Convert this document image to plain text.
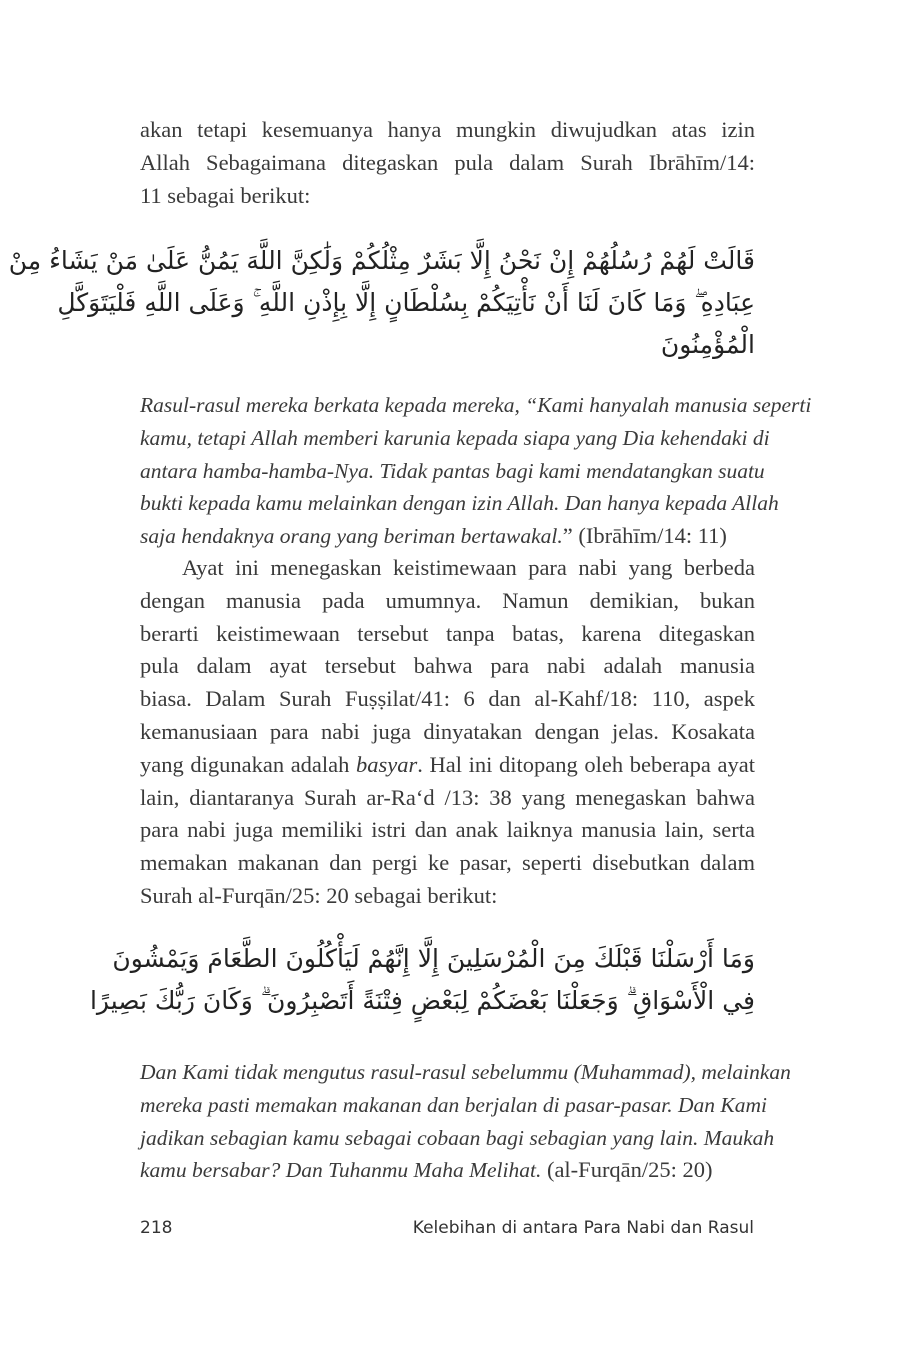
akan tetapi kesemuanya hanya mungkin diwujudkan atas izin
Allah Sebagaimana ditegaskan pula dalam Surah Ibrāhīm/14:
11 sebagai berikut:
قَالَتْ لَهُمْ رُسُلُهُمْ إِنْ نَحْنُ إِلَّا بَشَرٌ مِثْلُكُمْ وَلَٰكِنَّ اللَّهَ يَمُنُّ عَلَىٰ مَنْ يَشَاءُ مِنْ
عِبَادِهِ ۖ وَمَا كَانَ لَنَا أَنْ نَأْتِيَكُمْ بِسُلْطَانٍ إِلَّا بِإِذْنِ اللَّهِ ۚ وَعَلَى اللَّهِ فَلْيَتَوَكَّلِ
الْمُؤْمِنُونَ
Rasul-rasul mereka berkata kepada mereka, “Kami hanyalah manusia seperti
kamu, tetapi Allah memberi karunia kepada siapa yang Dia kehendaki di
antara hamba-hamba-Nya. Tidak pantas bagi kami mendatangkan suatu
bukti kepada kamu melainkan dengan izin Allah. Dan hanya kepada Allah
saja hendaknya orang yang beriman bertawakal.” (Ibrāhīm/14: 11)
Ayat ini menegaskan keistimewaan para nabi yang berbeda
dengan manusia pada umumnya. Namun demikian, bukan
berarti keistimewaan tersebut tanpa batas, karena ditegaskan
pula dalam ayat tersebut bahwa para nabi adalah manusia
biasa. Dalam Surah Fuṣṣilat/41: 6 dan al-Kahf/18: 110, aspek
kemanusiaan para nabi juga dinyatakan dengan jelas. Kosakata
yang digunakan adalah basyar. Hal ini ditopang oleh beberapa ayat
lain, diantaranya Surah ar-Ra‘d /13: 38 yang menegaskan bahwa
para nabi juga memiliki istri dan anak laiknya manusia lain, serta
memakan makanan dan pergi ke pasar, seperti disebutkan dalam
Surah al-Furqān/25: 20 sebagai berikut:
وَمَا أَرْسَلْنَا قَبْلَكَ مِنَ الْمُرْسَلِينَ إِلَّا إِنَّهُمْ لَيَأْكُلُونَ الطَّعَامَ وَيَمْشُونَ
فِي الْأَسْوَاقِ ۗ وَجَعَلْنَا بَعْضَكُمْ لِبَعْضٍ فِتْنَةً أَتَصْبِرُونَ ۗ وَكَانَ رَبُّكَ بَصِيرًا
Dan Kami tidak mengutus rasul-rasul sebelummu (Muhammad), melainkan
mereka pasti memakan makanan dan berjalan di pasar-pasar. Dan Kami
jadikan sebagian kamu sebagai cobaan bagi sebagian yang lain. Maukah
kamu bersabar? Dan Tuhanmu Maha Melihat. (al-Furqān/25: 20)
218	Kelebihan di antara Para Nabi dan Rasul
